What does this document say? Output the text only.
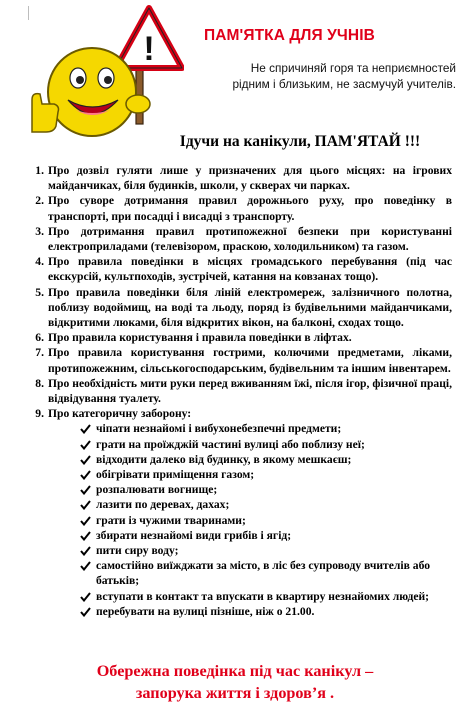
!	ПАМ'ЯТКА ДЛЯ УЧНІВ
Не спричиняй горя та неприємностей
рідним і близьким, не засмучуй учителів.
Ідучи на канікули, ПАМ'ЯТАЙ !!!
1. Про дозвіл гуляти лише у призначених для цього місцях: на ігрових майданчиках, біля будинків, школи, у скверах чи парках.
2. Про суворе дотримання правил дорожнього руху, про поведінку в транспорті, при посадці і висадці з транспорту.
3. Про дотримання правил протипожежної безпеки при користуванні електроприладами (телевізором, праскою, холодильником) та газом.
4. Про правила поведінки в місцях громадського перебування (під час екскурсій, культпоходів, зустрічей, катання на ковзанах тощо).
5. Про правила поведінки біля ліній електромереж, залізничного полотна, поблизу водоймищ, на воді та льоду, поряд із будівельними майданчиками, відкритими люками, біля відкритих вікон, на балконі, сходах тощо.
6. Про правила користування і правила поведінки в ліфтах.
7. Про правила користування гострими, колючими предметами, ліками, протипожежним, сільськогосподарським, будівельним та іншим інвентарем.
8. Про необхідність мити руки перед вживанням їжі, після ігор, фізичної праці, відвідування туалету.
9. Про категоричну заборону:
чіпати незнайомі і вибухонебезпечні предмети;
грати на проїжджій частині вулиці або поблизу неї;
відходити далеко від будинку, в якому мешкаєш;
обігрівати приміщення газом;
розпалювати вогнище;
лазити по деревах, дахах;
грати із чужими тваринами;
збирати незнайомі види грибів і ягід;
пити сиру воду;
самостійно виїжджати за місто, в ліс без супроводу вчителів або батьків;
вступати в контакт та впускати в квартиру незнайомих людей;
перебувати на вулиці пізніше, ніж о 21.00.
Обережна поведінка під час канікул –
запорука життя і здоров’я .
